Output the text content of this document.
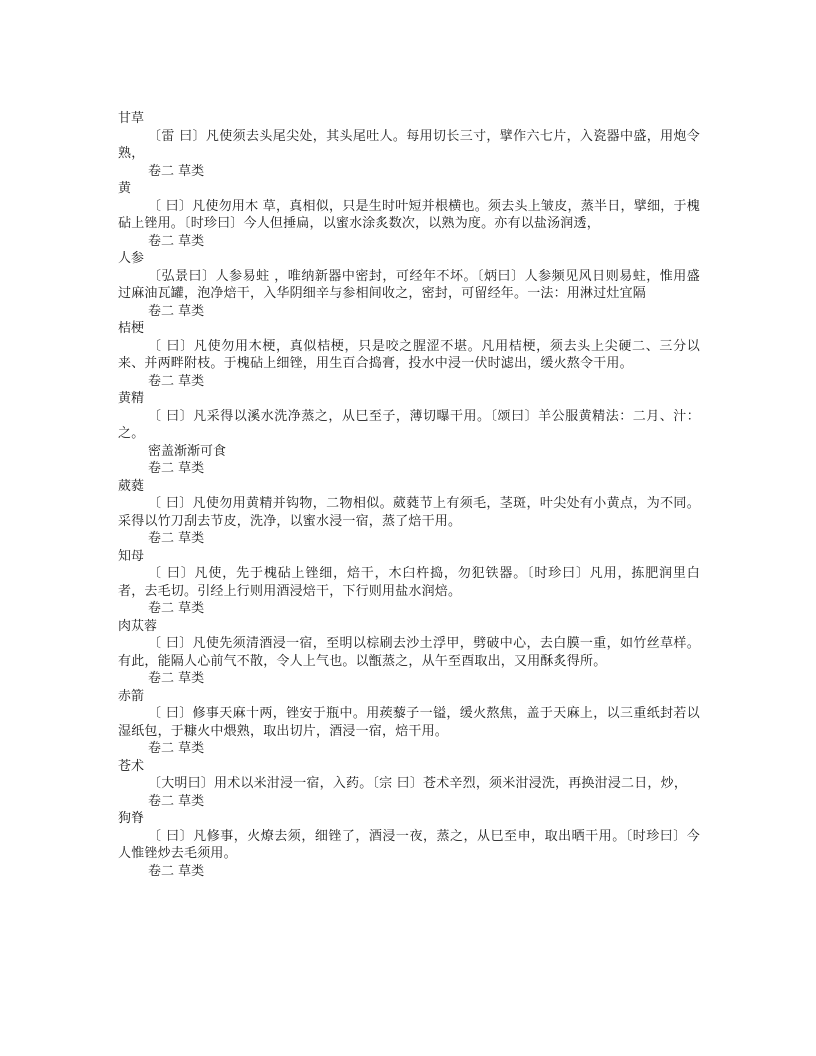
甘草

〔雷 曰〕凡使须去头尾尖处，其头尾吐人。每用切长三寸，擘作六七片，入瓷器中盛，用炮令熟，

卷二 草类
黄

〔 曰〕凡使勿用木 草，真相似，只是生时叶短并根横也。须去头上皱皮，蒸半日，擘细，于槐砧上锉用。〔时珍曰〕今人但捶扁，以蜜水涂炙数次，以熟为度。亦有以盐汤润透，

卷二 草类
人参

〔弘景曰〕人参易蛀 ，唯纳新器中密封，可经年不坏。〔炳曰〕人参频见风日则易蛀，惟用盛过麻油瓦罐，泡净焙干，入华阴细辛与参相间收之，密封，可留经年。一法：用淋过灶宜隔

卷二 草类
桔梗

〔 曰〕凡使勿用木梗，真似桔梗，只是咬之腥涩不堪。凡用桔梗，须去头上尖硬二、三分以来、并两畔附枝。于槐砧上细锉，用生百合捣膏，投水中浸一伏时滤出，缓火熬令干用。

卷二 草类
黄精

〔 曰〕凡采得以溪水洗净蒸之，从巳至子，薄切曝干用。〔颂曰〕羊公服黄精法：二月、汁：之。

密盖渐渐可食
卷二 草类
葳蕤

〔 曰〕凡使勿用黄精并钩物，二物相似。葳蕤节上有须毛，茎斑，叶尖处有小黄点，为不同。采得以竹刀刮去节皮，洗净，以蜜水浸一宿，蒸了焙干用。

卷二 草类
知母

〔 曰〕凡使，先于槐砧上锉细，焙干，木臼杵捣，勿犯铁器。〔时珍曰〕凡用，拣肥润里白者，去毛切。引经上行则用酒浸焙干，下行则用盐水润焙。

卷二 草类
肉苁蓉

〔 曰〕凡使先须清酒浸一宿，至明以棕刷去沙土浮甲，劈破中心，去白膜一重，如竹丝草样。有此，能隔人心前气不散，令人上气也。以甑蒸之，从午至酉取出，又用酥炙得所。

卷二 草类
赤箭

〔 曰〕修事天麻十两，锉安于瓶中。用蒺藜子一镒，缓火熬焦，盖于天麻上，以三重纸封若以湿纸包，于糠火中煨熟，取出切片，酒浸一宿，焙干用。

卷二 草类
苍术

〔大明曰〕用术以米泔浸一宿，入药。〔宗 曰〕苍术辛烈，须米泔浸洗，再换泔浸二日，炒，

卷二 草类
狗脊

〔 曰〕凡修事，火燎去须，细锉了，酒浸一夜，蒸之，从巳至申，取出晒干用。〔时珍曰〕今人惟锉炒去毛须用。

卷二 草类
